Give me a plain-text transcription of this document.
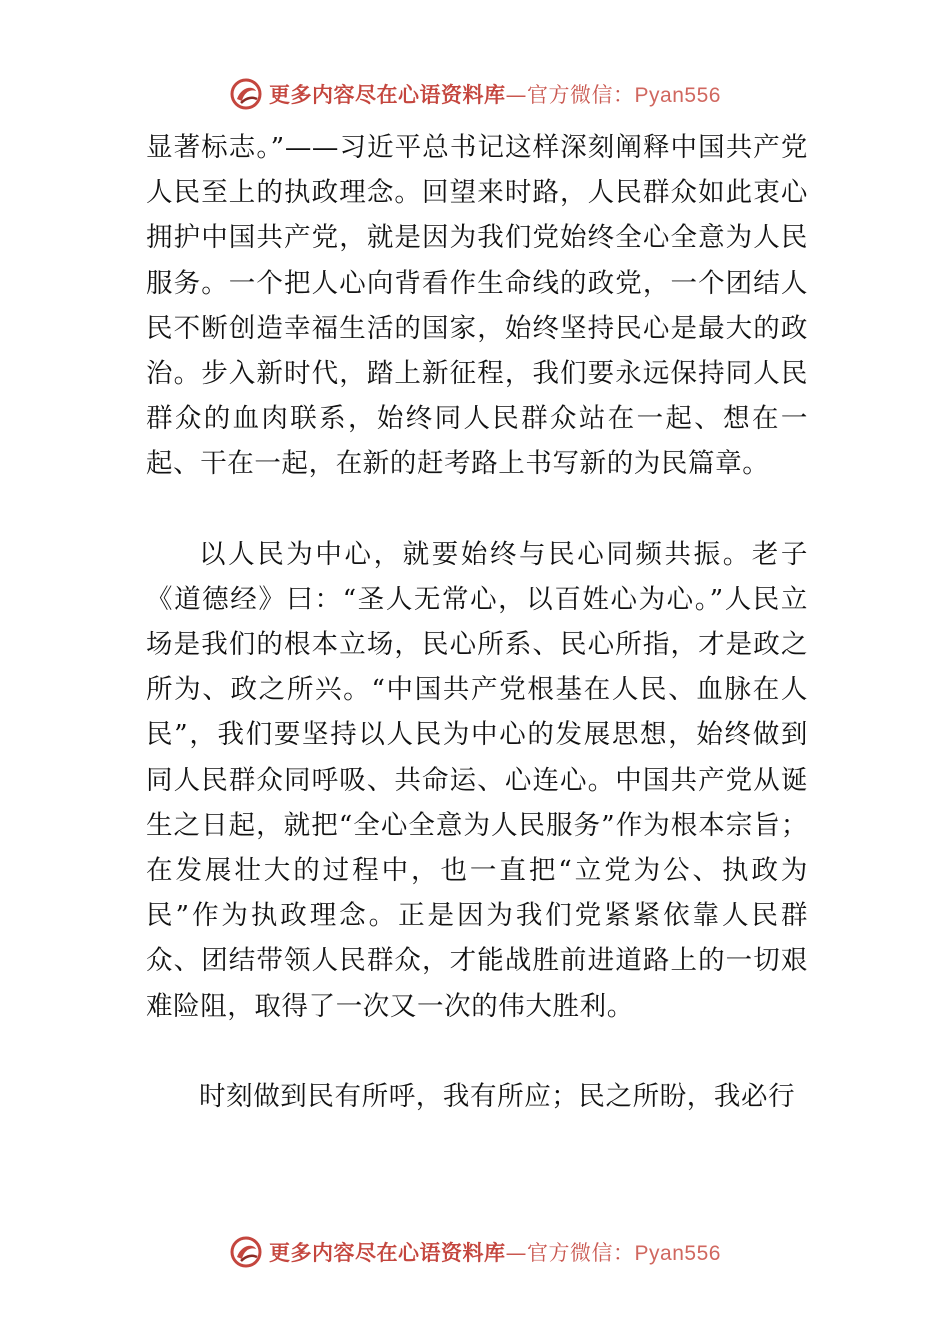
更多内容尽在心语资料库—官方微信：Pyan556

显著标志。”——习近平总书记这样深刻阐释中国共产党人民至上的执政理念。回望来时路，人民群众如此衷心拥护中国共产党，就是因为我们党始终全心全意为人民服务。一个把人心向背看作生命线的政党，一个团结人民不断创造幸福生活的国家，始终坚持民心是最大的政治。步入新时代，踏上新征程，我们要永远保持同人民群众的血肉联系，始终同人民群众站在一起、想在一起、干在一起，在新的赶考路上书写新的为民篇章。

以人民为中心，就要始终与民心同频共振。老子《道德经》曰：“圣人无常心，以百姓心为心。”人民立场是我们的根本立场，民心所系、民心所指，才是政之所为、政之所兴。“中国共产党根基在人民、血脉在人民”，我们要坚持以人民为中心的发展思想，始终做到同人民群众同呼吸、共命运、心连心。中国共产党从诞生之日起，就把“全心全意为人民服务”作为根本宗旨；在发展壮大的过程中，也一直把“立党为公、执政为民”作为执政理念。正是因为我们党紧紧依靠人民群众、团结带领人民群众，才能战胜前进道路上的一切艰难险阻，取得了一次又一次的伟大胜利。

时刻做到民有所呼，我有所应；民之所盼，我必行

更多内容尽在心语资料库—官方微信：Pyan556
